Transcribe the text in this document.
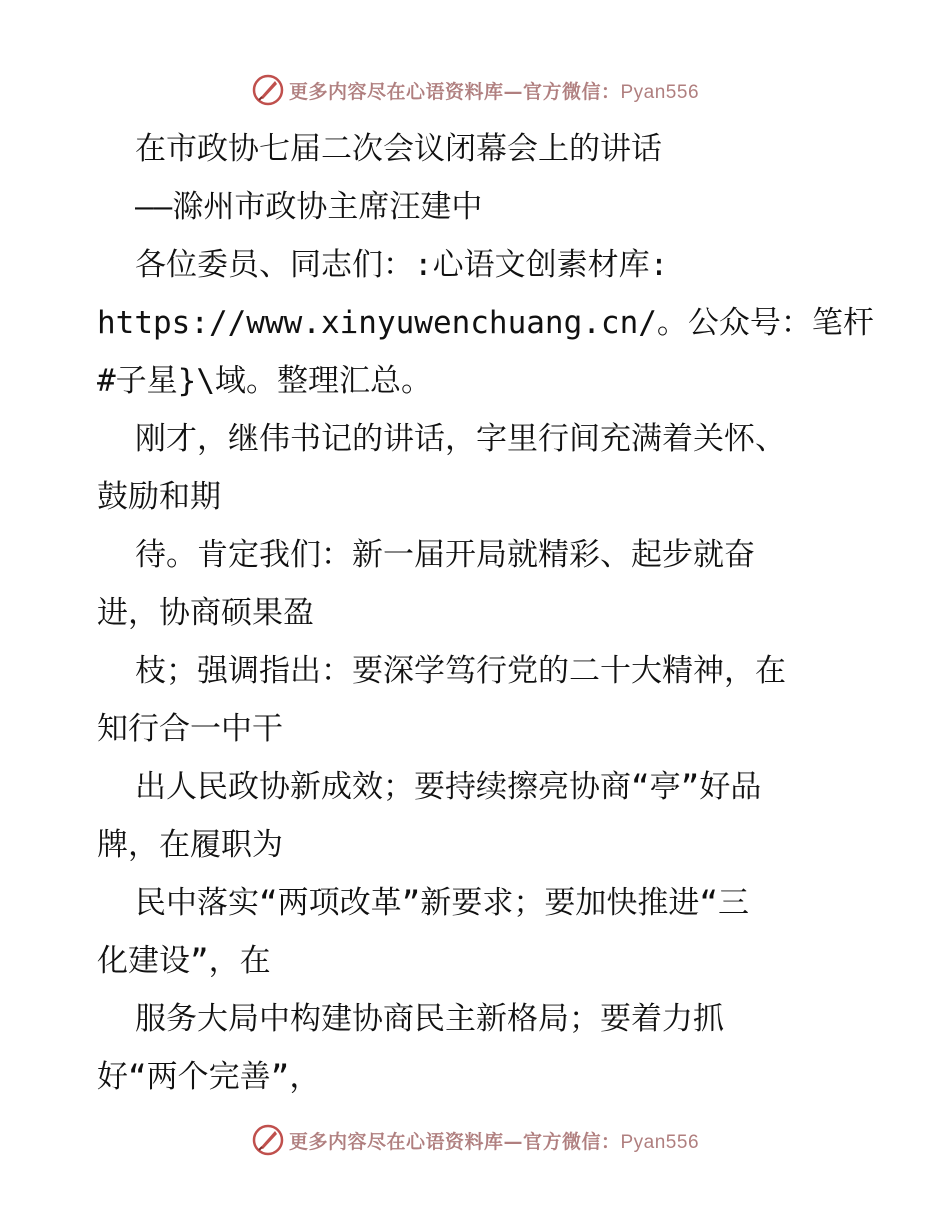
更多内容尽在心语资料库—官方微信：Pyan556
在市政协七届二次会议闭幕会上的讲话
——滁州市政协主席汪建中
各位委员、同志们：:心语文创素材库:
https://www.xinyuwenchuang.cn/。公众号：笔杆
#子星}\域。整理汇总。
刚才，继伟书记的讲话，字里行间充满着关怀、
鼓励和期
待。肯定我们：新一届开局就精彩、起步就奋
进，协商硕果盈
枝；强调指出：要深学笃行党的二十大精神，在
知行合一中干
出人民政协新成效；要持续擦亮协商“亭”好品
牌，在履职为
民中落实“两项改革”新要求；要加快推进“三
化建设”，在
服务大局中构建协商民主新格局；要着力抓
好“两个完善”，
更多内容尽在心语资料库—官方微信：Pyan556
